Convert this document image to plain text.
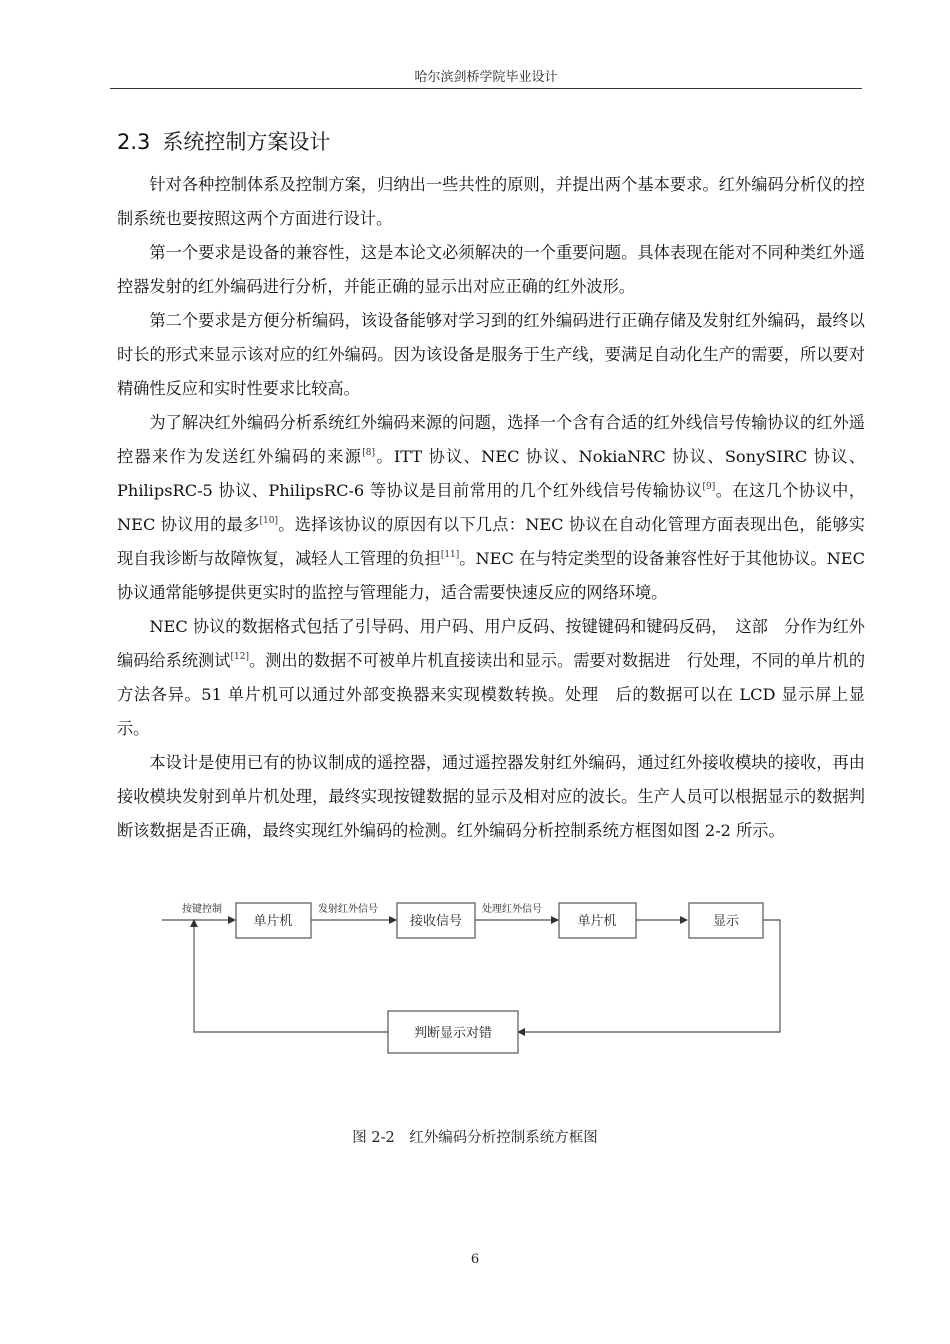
哈尔滨剑桥学院毕业设计
2.3 系统控制方案设计

针对各种控制体系及控制方案，归纳出一些共性的原则，并提出两个基本要求。红外编码分析仪的控制系统也要按照这两个方面进行设计。

第一个要求是设备的兼容性，这是本论文必须解决的一个重要问题。具体表现在能对不同种类红外遥控器发射的红外编码进行分析，并能正确的显示出对应正确的红外波形。

第二个要求是方便分析编码，该设备能够对学习到的红外编码进行正确存储及发射红外编码，最终以时长的形式来显示该对应的红外编码。因为该设备是服务于生产线，要满足自动化生产的需要，所以要对精确性反应和实时性要求比较高。

为了解决红外编码分析系统红外编码来源的问题，选择一个含有合适的红外线信号传输协议的红外遥控器来作为发送红外编码的来源[8]。ITT 协议、NEC 协议、NokiaNRC 协议、SonySIRC 协议、PhilipsRC-5 协议、PhilipsRC-6 等协议是目前常用的几个红外线信号传输协议[9]。在这几个协议中，NEC 协议用的最多[10]。选择该协议的原因有以下几点：NEC 协议在自动化管理方面表现出色，能够实现自我诊断与故障恢复，减轻人工管理的负担[11]。NEC 在与特定类型的设备兼容性好于其他协议。NEC 协议通常能够提供更实时的监控与管理能力，适合需要快速反应的网络环境。

NEC 协议的数据格式包括了引导码、用户码、用户反码、按键键码和键码反码，　这部　分作为红外编码给系统测试[12]。测出的数据不可被单片机直接读出和显示。需要对数据进　行处理，不同的单片机的方法各异。51 单片机可以通过外部变换器来实现模数转换。处理　后的数据可以在 LCD 显示屏上显示。

本设计是使用已有的协议制成的遥控器，通过遥控器发射红外编码，通过红外接收模块的接收，再由接收模块发射到单片机处理，最终实现按键数据的显示及相对应的波长。生产人员可以根据显示的数据判断该数据是否正确，最终实现红外编码的检测。红外编码分析控制系统方框图如图 2-2 所示。

按键控制
单片机
发射红外信号
接收信号
处理红外信号
单片机	显示
判断显示对错
图 2-2　红外编码分析控制系统方框图
6
